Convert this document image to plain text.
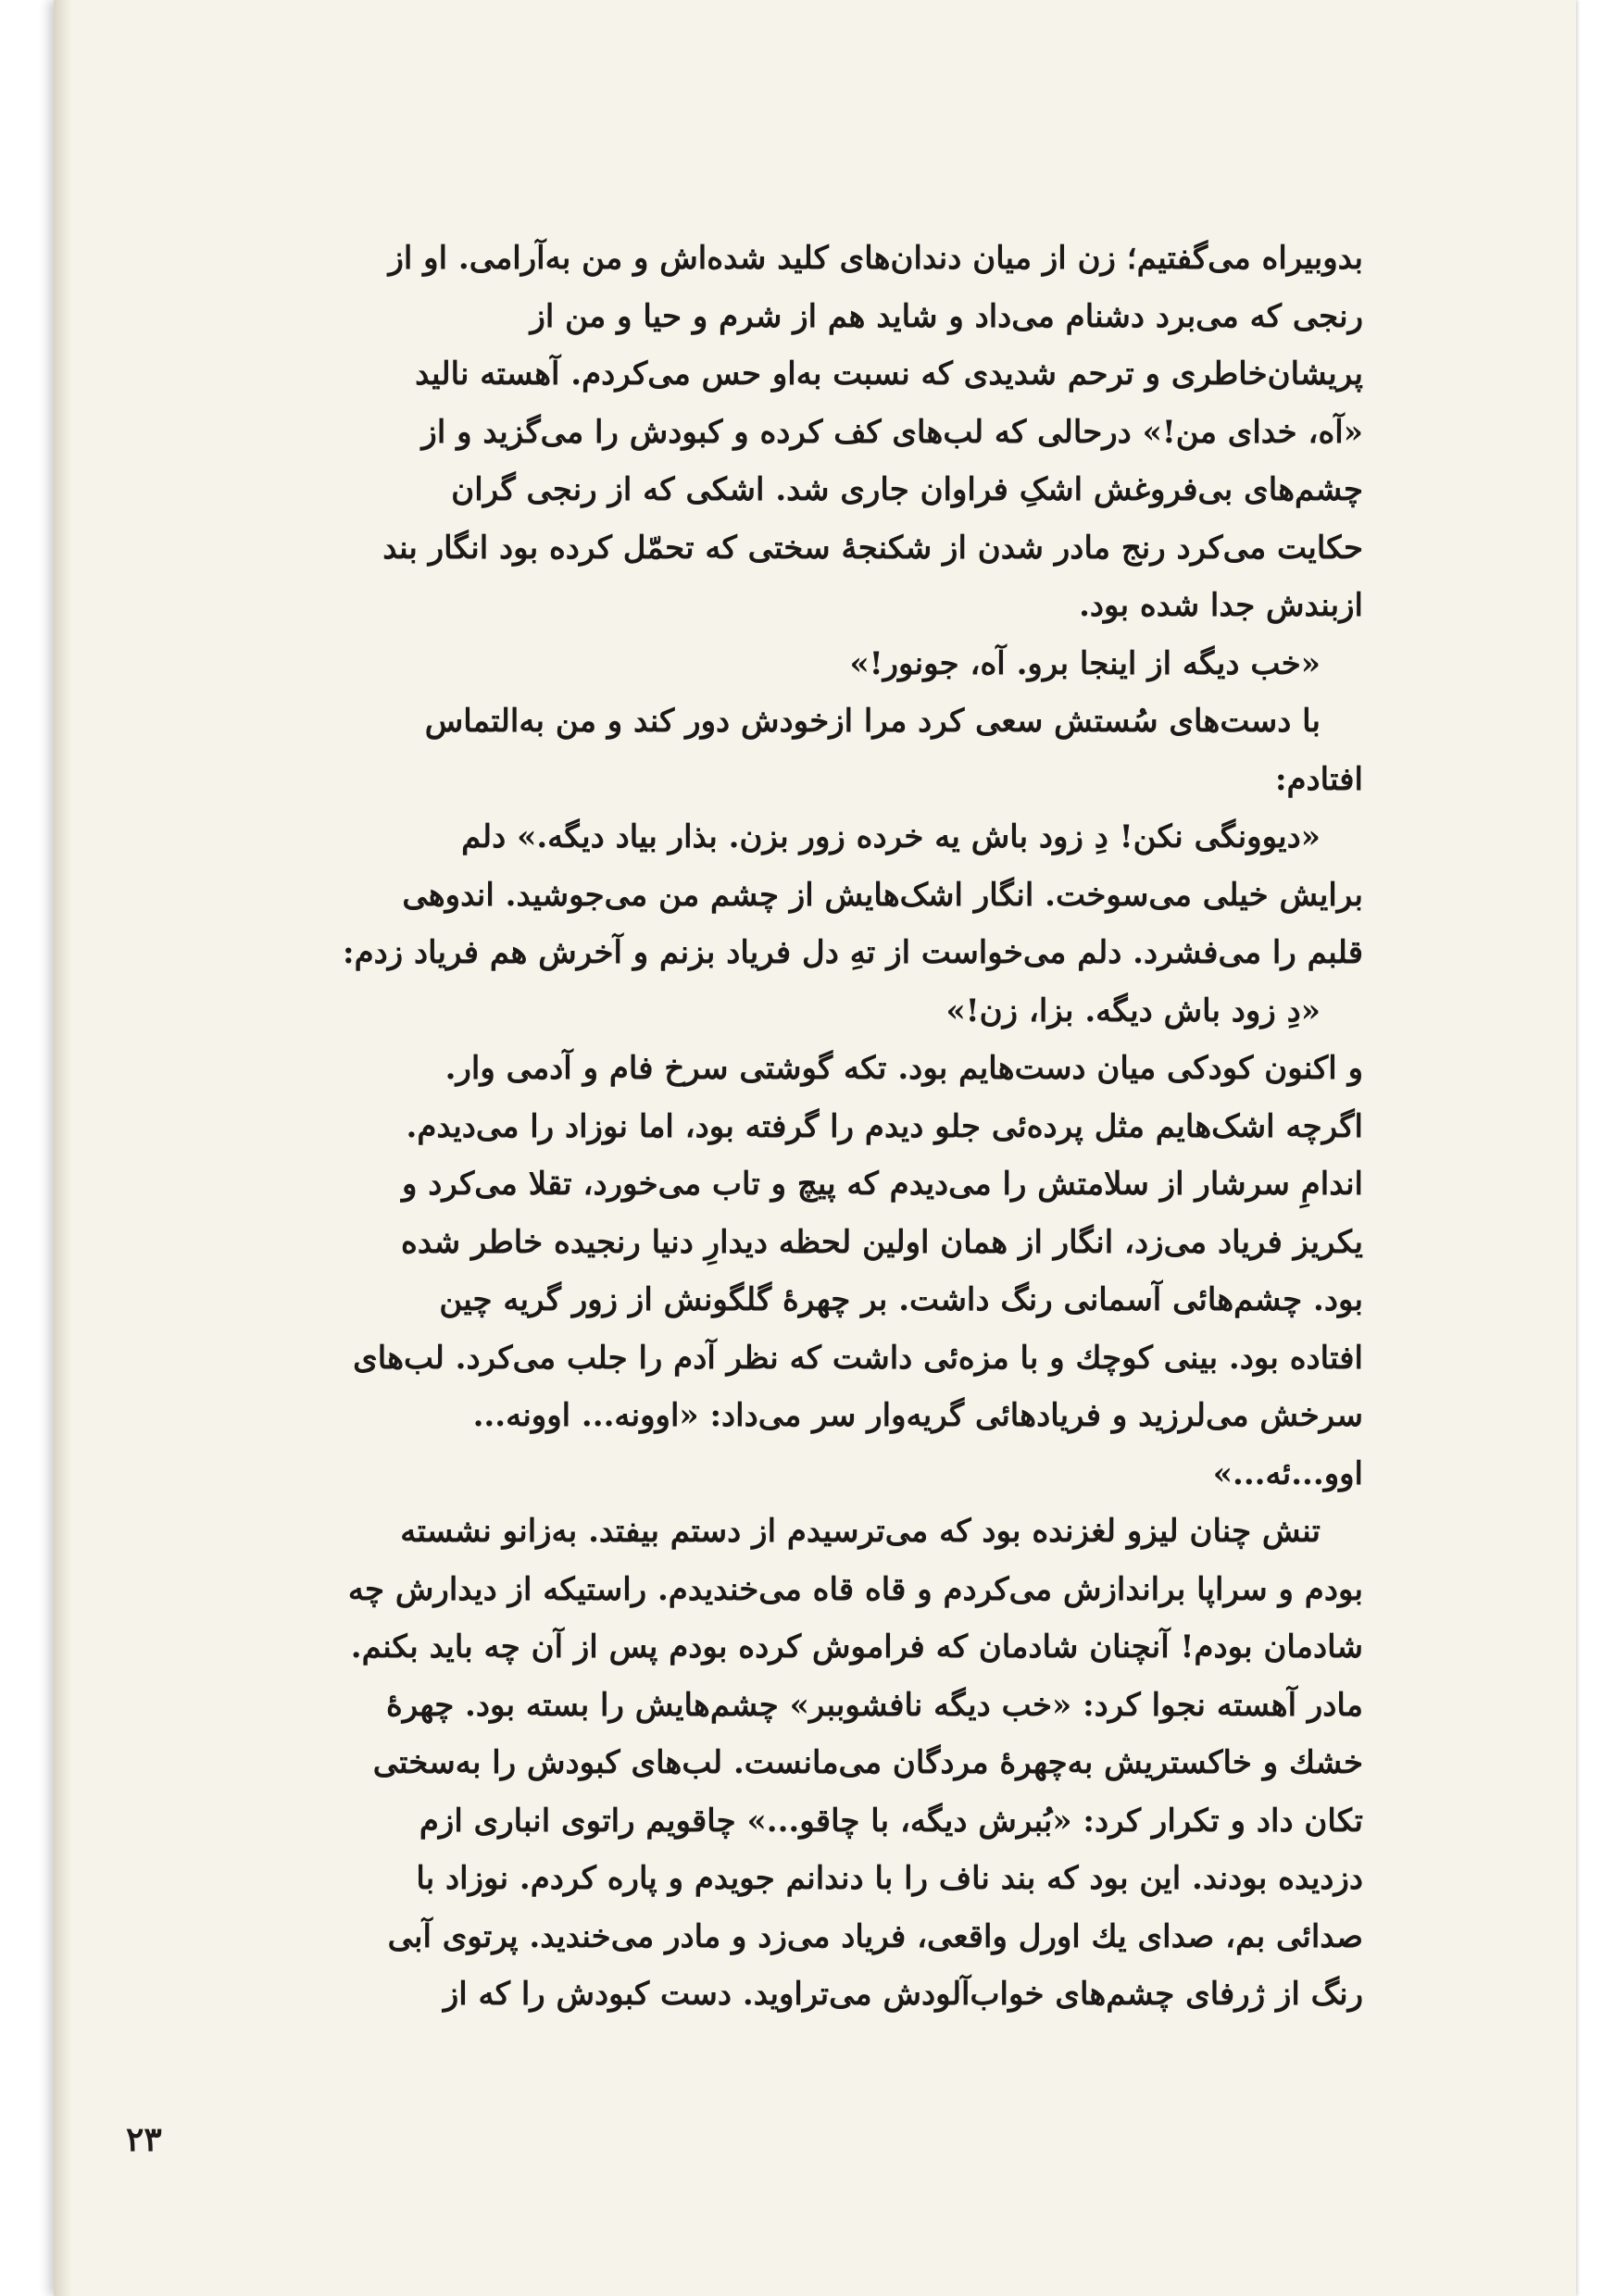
بدوبیراه می‌گفتیم؛ زن از میان دندان‌های کلید شده‌اش و من به‌آرامی. او از
رنجی که می‌برد دشنام می‌داد و شاید هم از شرم و حیا و من از
پریشان‌خاطری و ترحم شدیدی که نسبت به‌او حس می‌کردم. آهسته نالید
«آه، خدای من!» درحالی که لب‌های کف کرده و کبودش را می‌گزید و از
چشم‌های بی‌فروغش اشکِ فراوان جاری شد. اشکی که از رنجی گران
حکایت می‌کرد رنج مادر شدن از شکنجهٔ سختی که تحمّل کرده بود انگار بند
ازبندش جدا شده بود.
«خب دیگه از اینجا برو. آه، جونور!»
با دست‌های سُستش سعی کرد مرا ازخودش دور کند و من به‌التماس
افتادم:
«دیوونگی نکن! دِ زود باش یه خرده زور بزن. بذار بیاد دیگه.» دلم
برایش خیلی می‌سوخت. انگار اشک‌هایش از چشم من می‌جوشید. اندوهی
قلبم را می‌فشرد. دلم می‌خواست از تهِ دل فریاد بزنم و آخرش هم فریاد زدم:
«دِ زود باش دیگه. بزا، زن!»
و اکنون کودکی میان دست‌هایم بود. تکه گوشتی سرخ فام و آدمی وار.
اگرچه اشک‌هایم مثل پرده‌ئی جلو دیدم را گرفته بود، اما نوزاد را می‌دیدم.
اندامِ سرشار از سلامتش را می‌دیدم که پیچ و تاب می‌خورد، تقلا می‌کرد و
یکریز فریاد می‌زد، انگار از همان اولین لحظه دیدارِ دنیا رنجیده خاطر شده
بود. چشم‌هائی آسمانی رنگ داشت. بر چهرهٔ گلگونش از زور گریه چین
افتاده بود. بینی کوچك و با مزه‌ئی داشت که نظر آدم را جلب می‌کرد. لب‌های
سرخش می‌لرزید و فریادهائی گریه‌وار سر می‌داد: «اوونه... اوونه...
اوو...ئه...»
تنش چنان لیزو لغزنده بود که می‌ترسیدم از دستم بیفتد. به‌زانو نشسته
بودم و سراپا براندازش می‌کردم و قاه قاه می‌خندیدم. راستیکه از دیدارش چه
شادمان بودم! آنچنان شادمان که فراموش کرده بودم پس از آن چه باید بکنم.
مادر آهسته نجوا کرد: «خب دیگه نافشوببر» چشم‌هایش را بسته بود. چهرهٔ
خشك و خاکستریش به‌چهرهٔ مردگان می‌مانست. لب‌های کبودش را به‌سختی
تکان داد و تکرار کرد: «بُبرش دیگه، با چاقو...» چاقویم راتوی انباری ازم
دزدیده بودند. این بود که بند ناف را با دندانم جویدم و پاره کردم. نوزاد با
صدائی بم، صدای یك اورل واقعی، فریاد می‌زد و مادر می‌خندید. پرتوی آبی
رنگ از ژرفای چشم‌های خواب‌آلودش می‌تراوید. دست کبودش را که از
۲۳
